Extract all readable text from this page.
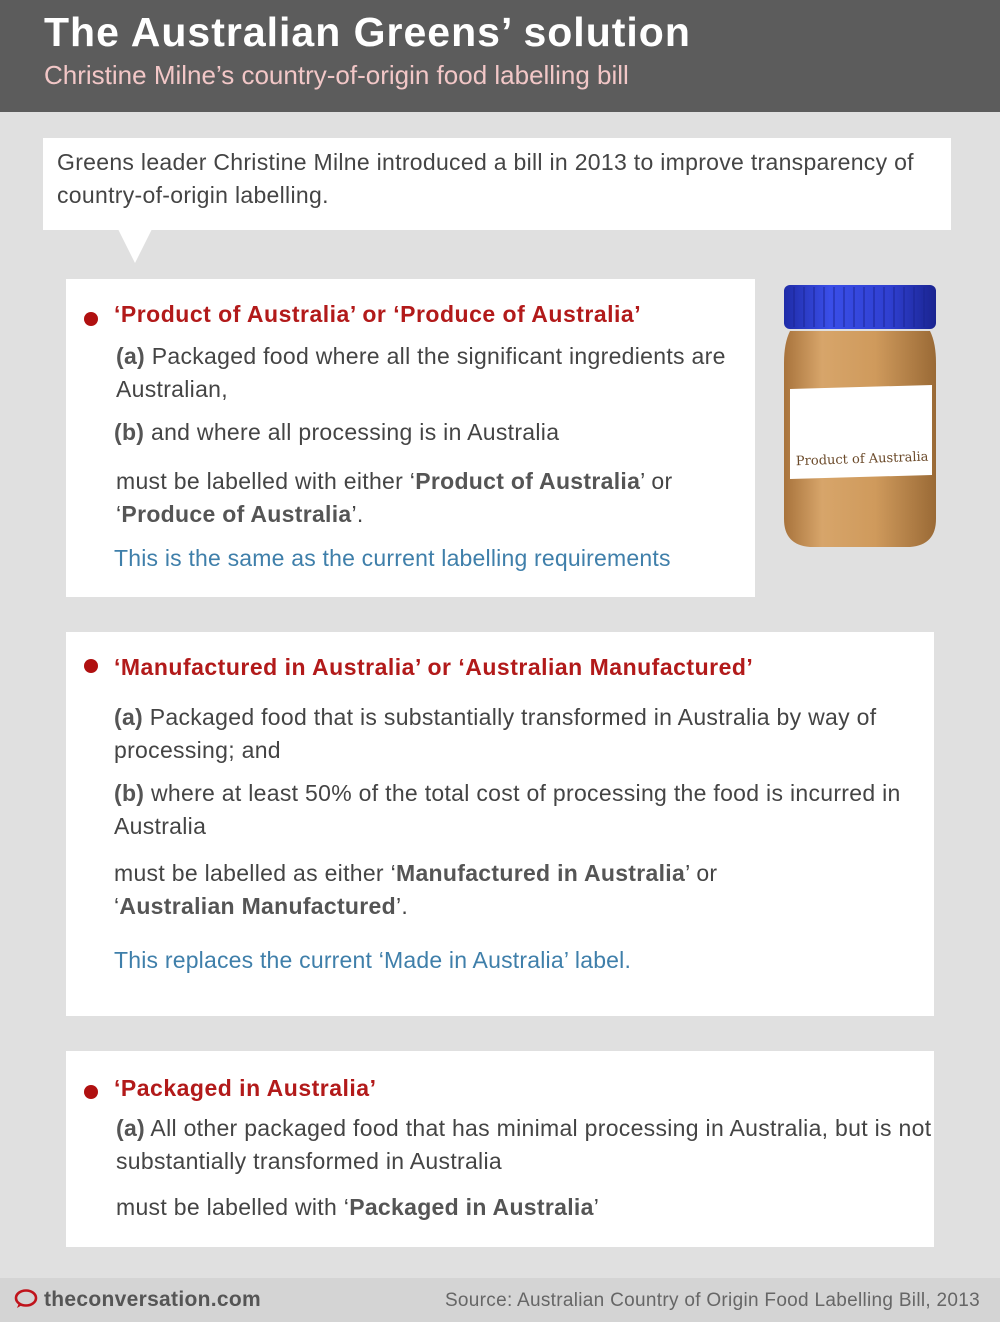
The Australian Greens’ solution
Christine Milne’s country-of-origin food labelling bill
Greens leader Christine Milne introduced a bill in 2013 to improve transparency of country-of-origin labelling.
‘Product of Australia’ or ‘Produce of Australia’
(a) Packaged food where all the significant ingredients are Australian,
(b) and where all processing is in Australia
must be labelled with either ‘Product of Australia’ or ‘Produce of Australia’.
This is the same as the current labelling requirements
Product of Australia
‘Manufactured in Australia’ or ‘Australian Manufactured’
(a) Packaged food that is substantially transformed in Australia by way of processing; and
(b) where at least 50% of the total cost of processing the food is incurred in Australia
must be labelled as either ‘Manufactured in Australia’ or ‘Australian Manufactured’.
This replaces the current ‘Made in Australia’ label.
‘Packaged in Australia’
(a) All other packaged food that has minimal processing in Australia, but is not substantially transformed in Australia
must be labelled with ‘Packaged in Australia’
theconversation.com	Source: Australian Country of Origin Food Labelling Bill, 2013
